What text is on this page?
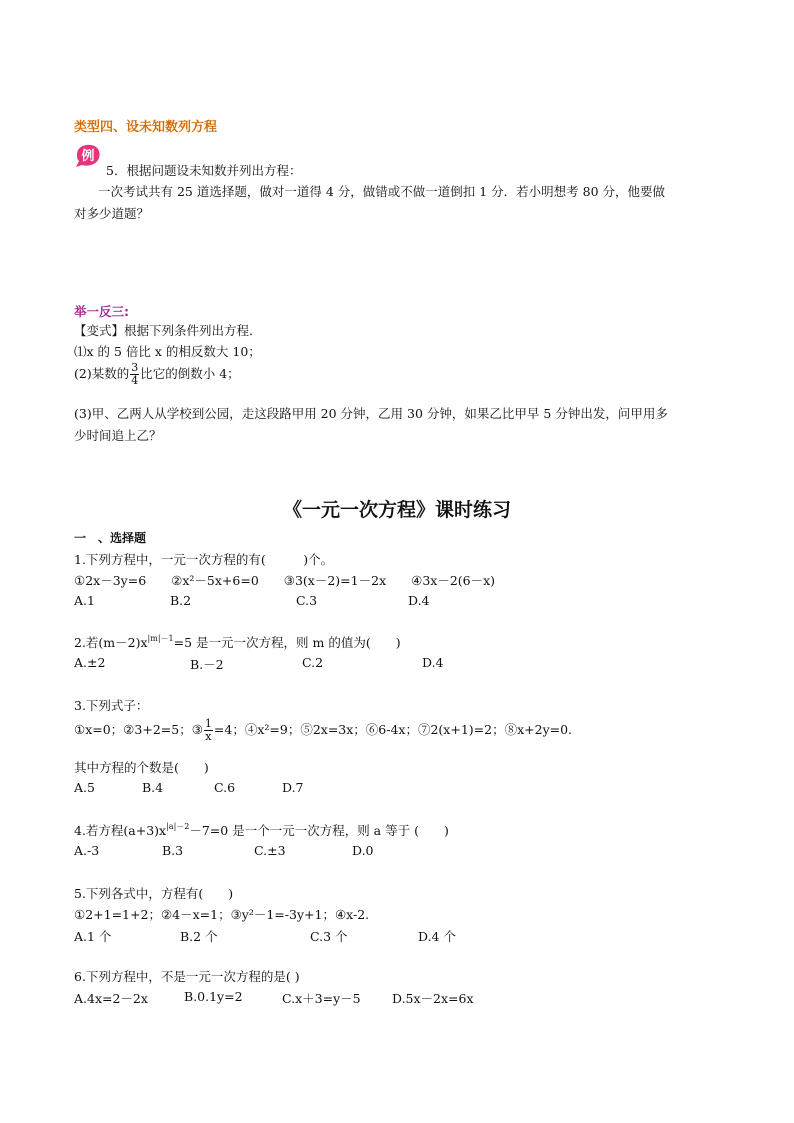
类型四、设未知数列方程
例
5．根据问题设未知数并列出方程：
一次考试共有 25 道选择题，做对一道得 4 分，做错或不做一道倒扣 1 分．若小明想考 80 分，他要做
对多少道题？
举一反三:
【变式】根据下列条件列出方程．
⑴x 的 5 倍比 x 的相反数大 10；
(2)某数的 $\frac{3}{4}$ 比它的倒数小 4；
(3)甲、乙两人从学校到公园，走这段路甲用 20 分钟，乙用 30 分钟，如果乙比甲早 5 分钟出发，问甲用多
少时间追上乙？
《一元一次方程》课时练习
一　、选择题
1.下列方程中，一元一次方程的有(　　　)个。
①2x－3y=6　　②x²－5x+6=0　　③3(x－2)=1－2x　　④3x－2(6－x)
A.1	B.2	C.3	D.4
2.若$(m-2)x^{|m|-1}=5$ 是一元一次方程，则 m 的值为(　　)
A.±2	B.－2	C.2	D.4
3.下列式子：
①x=0；②3+2=5；③ $\frac{1}{x} =4$；④x²=9；⑤2x=3x；⑥6-4x；⑦2(x+1)=2；⑧x+2y=0.
其中方程的个数是(　　)
A.5	B.4	C.6	D.7
4.若方程$(a+3)x^{|a|-2}-7=0$ 是一个一元一次方程，则 a 等于 (　　)
A.-3	B.3	C.±3	D.0
5.下列各式中，方程有(　　)
①2+1=1+2；②4－x=1；③y²－1=-3y+1；④x-2.
A.1 个	B.2 个	C.3 个	D.4 个
6.下列方程中，不是一元一次方程的是( )
A.4x=2－2x	B.0.1y=2	C.x＋3=y－5	D.5x－2x=6x
